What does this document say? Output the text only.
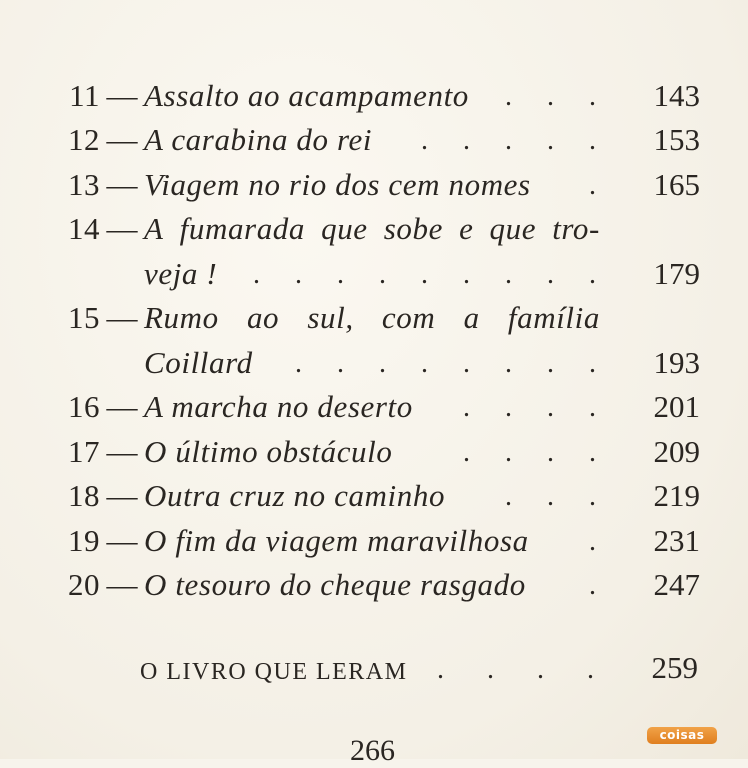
11 — Assalto ao acampamento	. . .	143
12 — A carabina do rei	. . . . .	153
13 — Viagem no rio dos cem nomes	.	165
14 — A fumarada que sobe e que tro-
veja !	. . . . . . . . .	179
15 — Rumo ao sul, com a família
Coillard	. . . . . . . .	193
16 — A marcha no deserto	. . . .	201
17 — O último obstáculo	. . . .	209
18 — Outra cruz no caminho	. . .	219
19 — O fim da viagem maravilhosa	.	231
20 — O tesouro do cheque rasgado	.	247
O LIVRO QUE LERAM	. . . .	259
266	coisas
